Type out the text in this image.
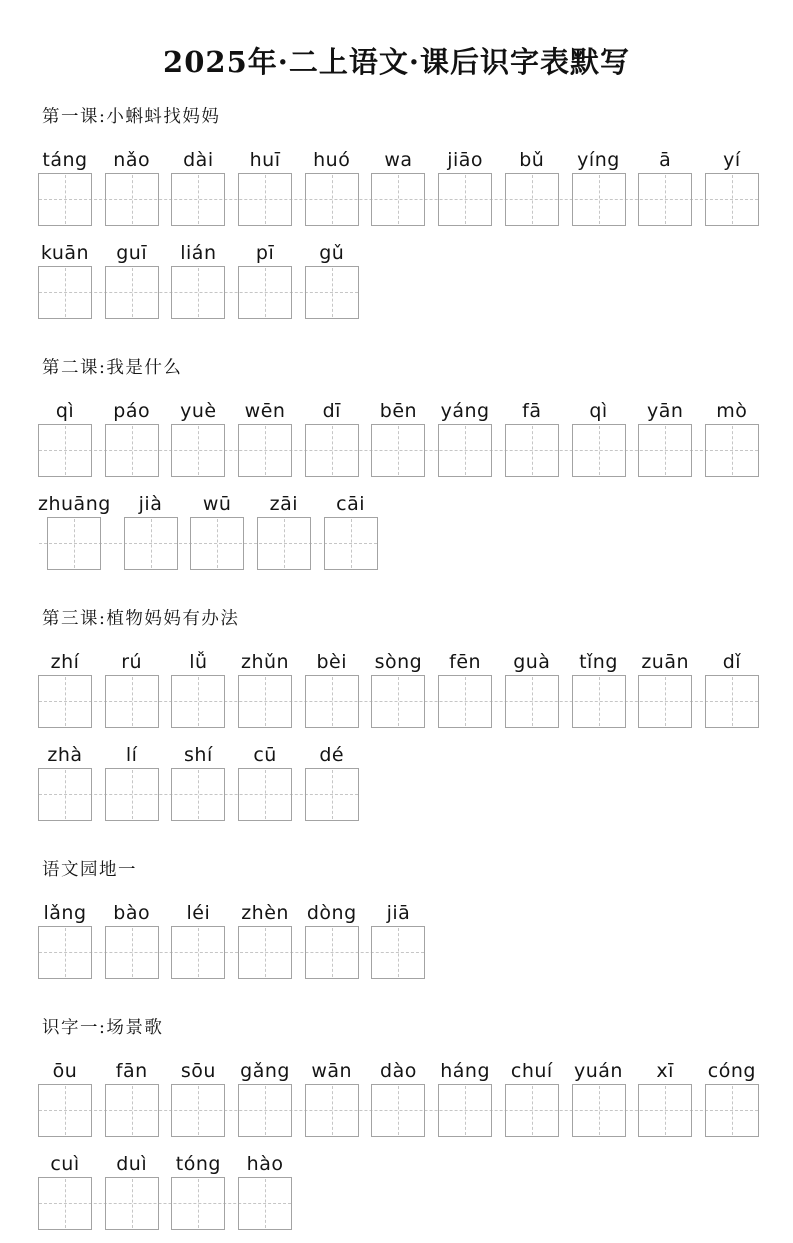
2025年·二上语文·课后识字表默写
第一课:小蝌蚪找妈妈
táng nǎo dài huī huó wa jiāo bǔ yíng ā	yí
kuān guī lián pī gǔ
第二课:我是什么
qì páo yuè wēn dī bēn yáng fā	qì yān mò
zhuāng jià wū zāi cāi
第三课:植物妈妈有办法
zhí rú lǚ zhǔn bèi sòng fēn guà tǐng zuān dǐ
zhà lí shí cū dé
语文园地一
lǎng bào léi zhèn dòng jiā
识字一:场景歌
ōu fān sōu gǎng wān dào háng chuí yuán xī cóng
cuì duì tóng hào
